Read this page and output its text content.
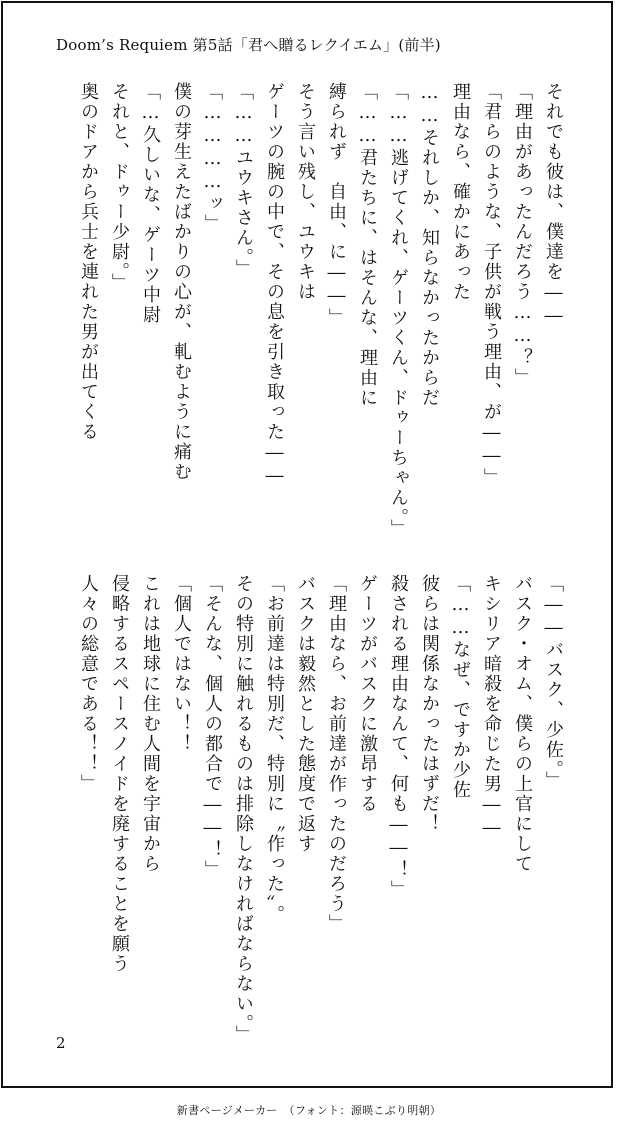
Doom’s Requiem 第5話「君へ贈るレクイエム」(前半)
それでも彼は、僕達を――
「理由があったんだろう……？」
「君らのような、子供が戦う理由、が――」
理由なら、確かにあった
……それしか、知らなかったからだ
「……逃げてくれ、ゲーツくん、ドゥーちゃん。」
「……君たちに、はそんな、理由に
縛られず　自由、に――」
そう言い残し、ユウキは
ゲーツの腕の中で、その息を引き取った――
「……ユウキさん。」
「…………ッ」
僕の芽生えたばかりの心が、軋むように痛む
「…久しいな、ゲーツ中尉
それと、ドゥー少尉。」
奥のドアから兵士を連れた男が出てくる
「――バスク、少佐。」
バスク・オム、僕らの上官にして
キシリア暗殺を命じた男――
「……なぜ、ですか少佐
彼らは関係なかったはずだ！
殺される理由なんて、何も――！」
ゲーツがバスクに激昂する
「理由なら、お前達が作ったのだろう」
バスクは毅然とした態度で返す
「お前達は特別だ、特別に〝作った〟。
その特別に触れるものは排除しなければならない。」
「そんな、個人の都合で――！」
「個人ではない！！
これは地球に住む人間を宇宙から
侵略するスペースノイドを廃することを願う
人々の総意である！！」
2
新書ページメーカー　（フォント：源暎こぶり明朝）
